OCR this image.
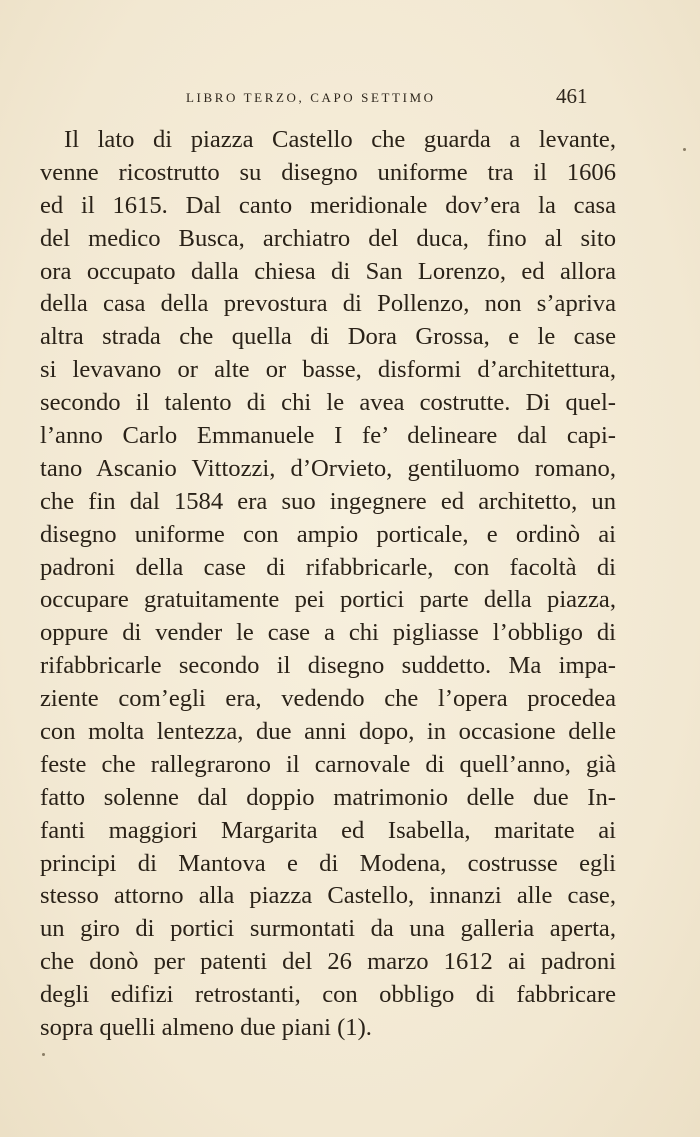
LIBRO TERZO, CAPO SETTIMO	461
Il lato di piazza Castello che guarda a levante,
venne ricostrutto su disegno uniforme tra il 1606
ed il 1615. Dal canto meridionale dov’era la casa
del medico Busca, archiatro del duca, fino al sito
ora occupato dalla chiesa di San Lorenzo, ed allora
della casa della prevostura di Pollenzo, non s’apriva
altra strada che quella di Dora Grossa, e le case
si levavano or alte or basse, disformi d’architettura,
secondo il talento di chi le avea costrutte. Di quel-
l’anno Carlo Emmanuele I fe’ delineare dal capi-
tano Ascanio Vittozzi, d’Orvieto, gentiluomo romano,
che fin dal 1584 era suo ingegnere ed architetto, un
disegno uniforme con ampio porticale, e ordinò ai
padroni della case di rifabbricarle, con facoltà di
occupare gratuitamente pei portici parte della piazza,
oppure di vender le case a chi pigliasse l’obbligo di
rifabbricarle secondo il disegno suddetto. Ma impa-
ziente com’egli era, vedendo che l’opera procedea
con molta lentezza, due anni dopo, in occasione delle
feste che rallegrarono il carnovale di quell’anno, già
fatto solenne dal doppio matrimonio delle due In-
fanti maggiori Margarita ed Isabella, maritate ai
principi di Mantova e di Modena, costrusse egli
stesso attorno alla piazza Castello, innanzi alle case,
un giro di portici surmontati da una galleria aperta,
che donò per patenti del 26 marzo 1612 ai padroni
degli edifizi retrostanti, con obbligo di fabbricare
sopra quelli almeno due piani (1).
